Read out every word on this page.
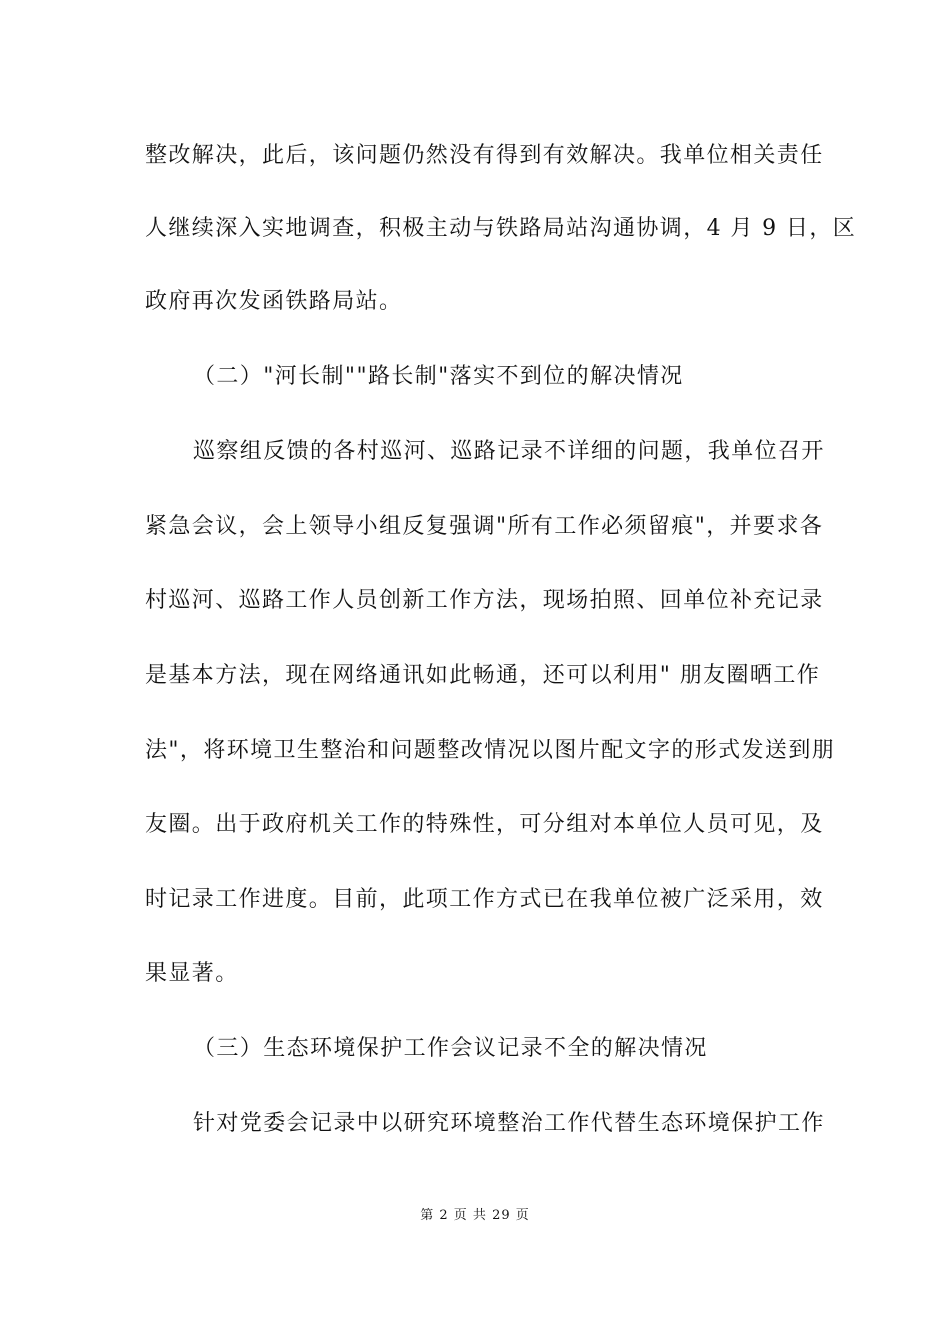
整改解决，此后，该问题仍然没有得到有效解决。我单位相关责任
人继续深入实地调查，积极主动与铁路局站沟通协调，4 月 9 日，区
政府再次发函铁路局站。
（二）"河长制""路长制"落实不到位的解决情况
巡察组反馈的各村巡河、巡路记录不详细的问题，我单位召开
紧急会议，会上领导小组反复强调"所有工作必须留痕"，并要求各
村巡河、巡路工作人员创新工作方法，现场拍照、回单位补充记录
是基本方法，现在网络通讯如此畅通，还可以利用" 朋友圈晒工作
法"，将环境卫生整治和问题整改情况以图片配文字的形式发送到朋
友圈。出于政府机关工作的特殊性，可分组对本单位人员可见，及
时记录工作进度。目前，此项工作方式已在我单位被广泛采用，效
果显著。
（三）生态环境保护工作会议记录不全的解决情况
针对党委会记录中以研究环境整治工作代替生态环境保护工作
第 2 页 共 29 页
